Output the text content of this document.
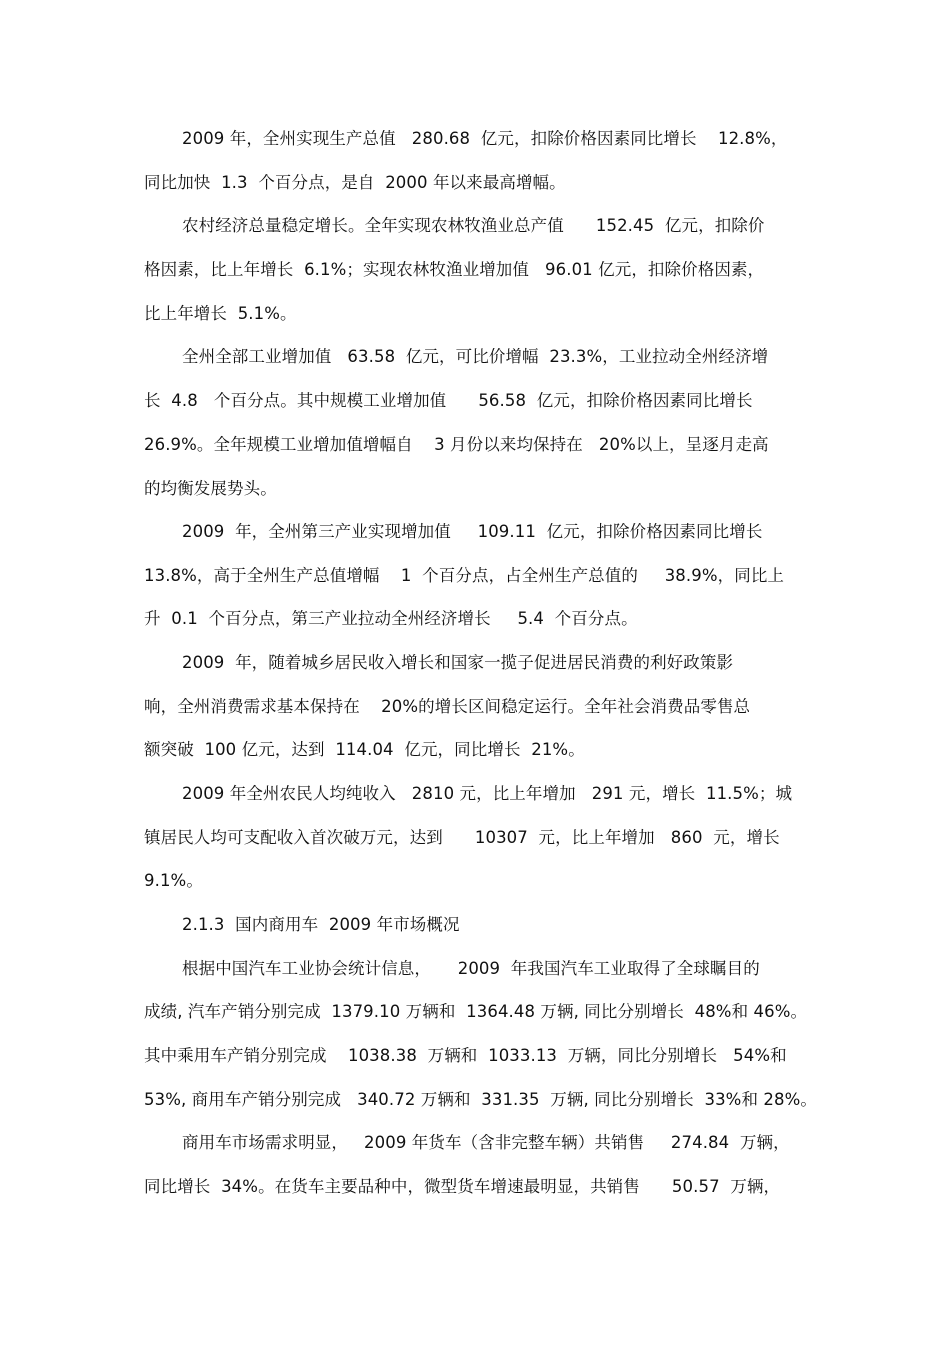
2009 年，全州实现生产总值   280.68  亿元，扣除价格因素同比增长    12.8%，
同比加快  1.3  个百分点，是自  2000 年以来最高增幅。
农村经济总量稳定增长。全年实现农林牧渔业总产值      152.45  亿元，扣除价
格因素，比上年增长  6.1%；实现农林牧渔业增加值   96.01 亿元，扣除价格因素，
比上年增长  5.1%。
全州全部工业增加值   63.58  亿元，可比价增幅  23.3%，工业拉动全州经济增
长  4.8   个百分点。其中规模工业增加值      56.58  亿元，扣除价格因素同比增长
26.9%。全年规模工业增加值增幅自    3 月份以来均保持在   20%以上，呈逐月走高
的均衡发展势头。
2009  年，全州第三产业实现增加值     109.11  亿元，扣除价格因素同比增长
13.8%，高于全州生产总值增幅    1  个百分点，占全州生产总值的     38.9%，同比上
升  0.1  个百分点，第三产业拉动全州经济增长     5.4  个百分点。
2009  年，随着城乡居民收入增长和国家一揽子促进居民消费的利好政策影
响，全州消费需求基本保持在    20%的增长区间稳定运行。全年社会消费品零售总
额突破  100 亿元，达到  114.04  亿元，同比增长  21%。
2009 年全州农民人均纯收入   2810 元，比上年增加   291 元，增长  11.5%；城
镇居民人均可支配收入首次破万元，达到      10307  元，比上年增加   860  元，增长
9.1%。
2.1.3  国内商用车  2009 年市场概况
根据中国汽车工业协会统计信息，     2009  年我国汽车工业取得了全球瞩目的
成绩, 汽车产销分别完成  1379.10 万辆和  1364.48 万辆, 同比分别增长  48%和 46%。
其中乘用车产销分别完成    1038.38  万辆和  1033.13  万辆，同比分别增长   54%和
53%, 商用车产销分别完成   340.72 万辆和  331.35  万辆, 同比分别增长  33%和 28%。
商用车市场需求明显，   2009 年货车（含非完整车辆）共销售     274.84  万辆，
同比增长  34%。在货车主要品种中，微型货车增速最明显，共销售      50.57  万辆，
